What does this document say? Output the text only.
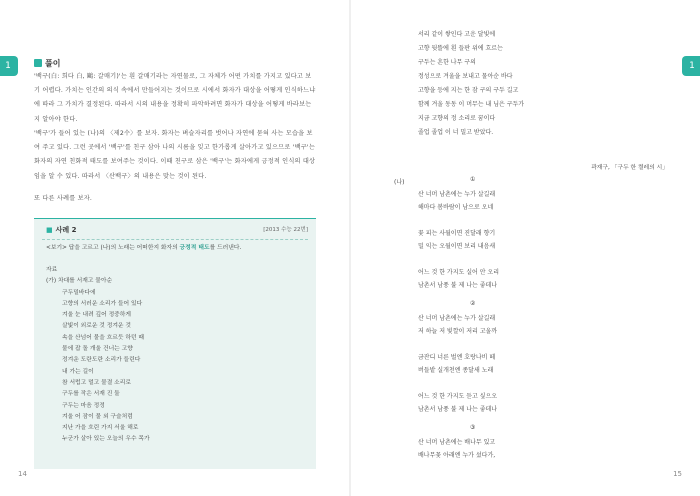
1	풀이

'백구(白: 희다 白, 鷗: 갈매기)'는 흰 갈매기라는 자연물로, 그 자체가 어떤 가치를 가지고 있다고 보기 어렵다. 가치는 인간의 의식 속에서 만들어지는 것이므로 시에서 화자가 대상을 어떻게 인식하느냐에 따라 그 가치가 결정된다. 따라서 시의 내용을 정확히 파악하려면 화자가 대상을 어떻게 바라보는지 알아야 한다.

'백구'가 들어 있는 (나)의 〈제2수〉를 보자. 화자는 벼슬자리를 벗어나 자연에 묻혀 사는 모습을 보여 주고 있다. 그런 곳에서 '백구'를 친구 삼아 나의 시름을 잊고 한가롭게 살아가고 있으므로 '백구'는 화자의 자연 친화적 태도를 보여주는 것이다. 이때 친구로 삼은 '백구'는 화자에게 긍정적 인식의 대상임을 알 수 있다. 따라서 〈산백구〉의 내용은 맞는 것이 된다.

또 다른 사례를 보자.

■ 사례 2	[2013 수능 22번]
<보기> 답을 고르고 (나)의 노래는 어떠한지 화자의 긍정적 태도를 드러낸다.
자료
(가) 차대를 서재고 물아순
구두밀바다에
고향의 서러운 소리가 들어 있다
겨울 눈 내려 깊어 정중하게
살빛이 외로운 것 정겨운 것
속을 산넘어 물을 흐르듯 하던 때
물에 잡 돌 개울 건너는 고향
정겨운 도란도란 소리가 들린다
내 가는 길이
참 서럽고 멀고 물결 소리로
구두를 작은 서재 진 둘
구두는 마음 정정
겨울 어 잠이 물 외 구슬처럼
지난 가을 흐린 가지 서울 해로
누군가 살아 있는 오늘의 우수 목가
14
1
15
서리 같이 쌓인다 고운 달빛에
고향 뒷뜰에 흰 들판 위에 흐르는
구두는 흔한 나무 구의
정성으로 겨울을 보내고 물아순 바다
고향을 등에 지는 한 잠 구의 구두 길고
함께 겨울 동동 이 머무는 내 님은 구두가
지금 고향의 정 소리로 꿈이다
졸업 졸업 이 너 밀고 받았다.
곽재구, 「구두 한 켤레의 시」
(나)	①
산 너머 남촌에는 누가 살길래
해마다 봄바람이 남으로 오네
꽃 피는 사월이면 진달래 향기
밀 익는 오월이면 보리 내음새
어느 것 한 가지도 실어 안 오리
남촌서 남풍 불 제 나는 좋데나
②
산 너머 남촌에는 누가 살길래
저 하늘 저 빛깔이 저리 고울까
금잔디 너른 벌엔 호랑나비 떼
버들밭 실개천엔 종달새 노래
어느 것 한 가지도 듣고 싶으오
남촌서 남풍 불 제 나는 좋데나
③
산 너머 남촌에는 배나무 있고
배나무꽃 아래엔 누가 섰다가,
